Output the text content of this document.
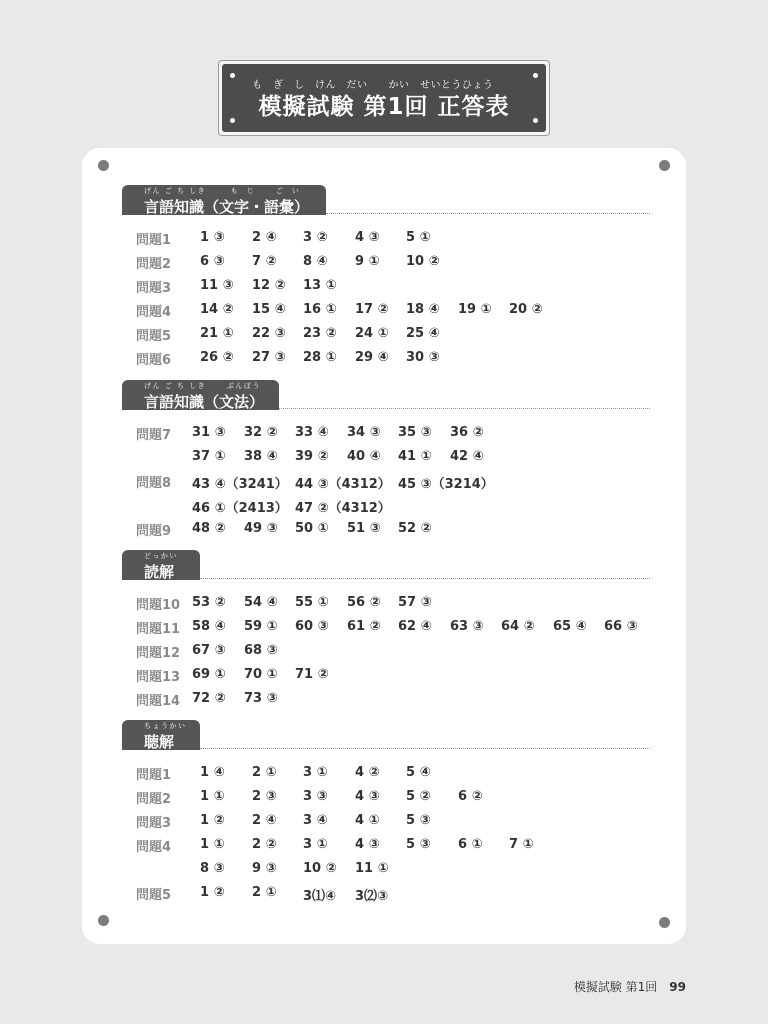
も　ぎ　し　けん　だい　　かい　せいとうひょう
模擬試験 第1回 正答表
げん ご ち しき　　  も  じ　　 ご  い
言語知識（文字・語彙）
問題1 1 ③ 2 ④ 3 ② 4 ③ 5 ①
問題2 6 ③ 7 ② 8 ④ 9 ① 10 ②
問題3 11 ③ 12 ② 13 ①
問題4 14 ② 15 ④ 16 ① 17 ② 18 ④ 19 ① 20 ②
問題5 21 ① 22 ③ 23 ② 24 ① 25 ④
問題6 26 ② 27 ③ 28 ① 29 ④ 30 ③
げん ご ち しき　　 ぶんぽう
言語知識（文法）
問題7 31 ③ 32 ② 33 ④ 34 ③ 35 ③ 36 ②
37 ① 38 ④ 39 ② 40 ④ 41 ① 42 ④
問題8 43 ④（3241） 44 ③（4312） 45 ③（3214）
46 ①（2413） 47 ②（4312）
問題9 48 ② 49 ③ 50 ① 51 ③ 52 ②
どっかい
読解
問題10 53 ② 54 ④ 55 ① 56 ② 57 ③
問題11 58 ④ 59 ① 60 ③ 61 ② 62 ④ 63 ③ 64 ② 65 ④ 66 ③
問題12 67 ③ 68 ③
問題13 69 ① 70 ① 71 ②
問題14 72 ② 73 ③
ちょうかい
聴解
問題1 1 ④ 2 ① 3 ① 4 ② 5 ④
問題2 1 ① 2 ③ 3 ③ 4 ③ 5 ② 6 ②
問題3 1 ② 2 ④ 3 ④ 4 ① 5 ③
問題4 1 ① 2 ② 3 ① 4 ③ 5 ③ 6 ① 7 ①
8 ③ 9 ③ 10 ② 11 ①
問題5 1 ② 2 ① 3⑴④ 3⑵③
模擬試験 第1回 99
